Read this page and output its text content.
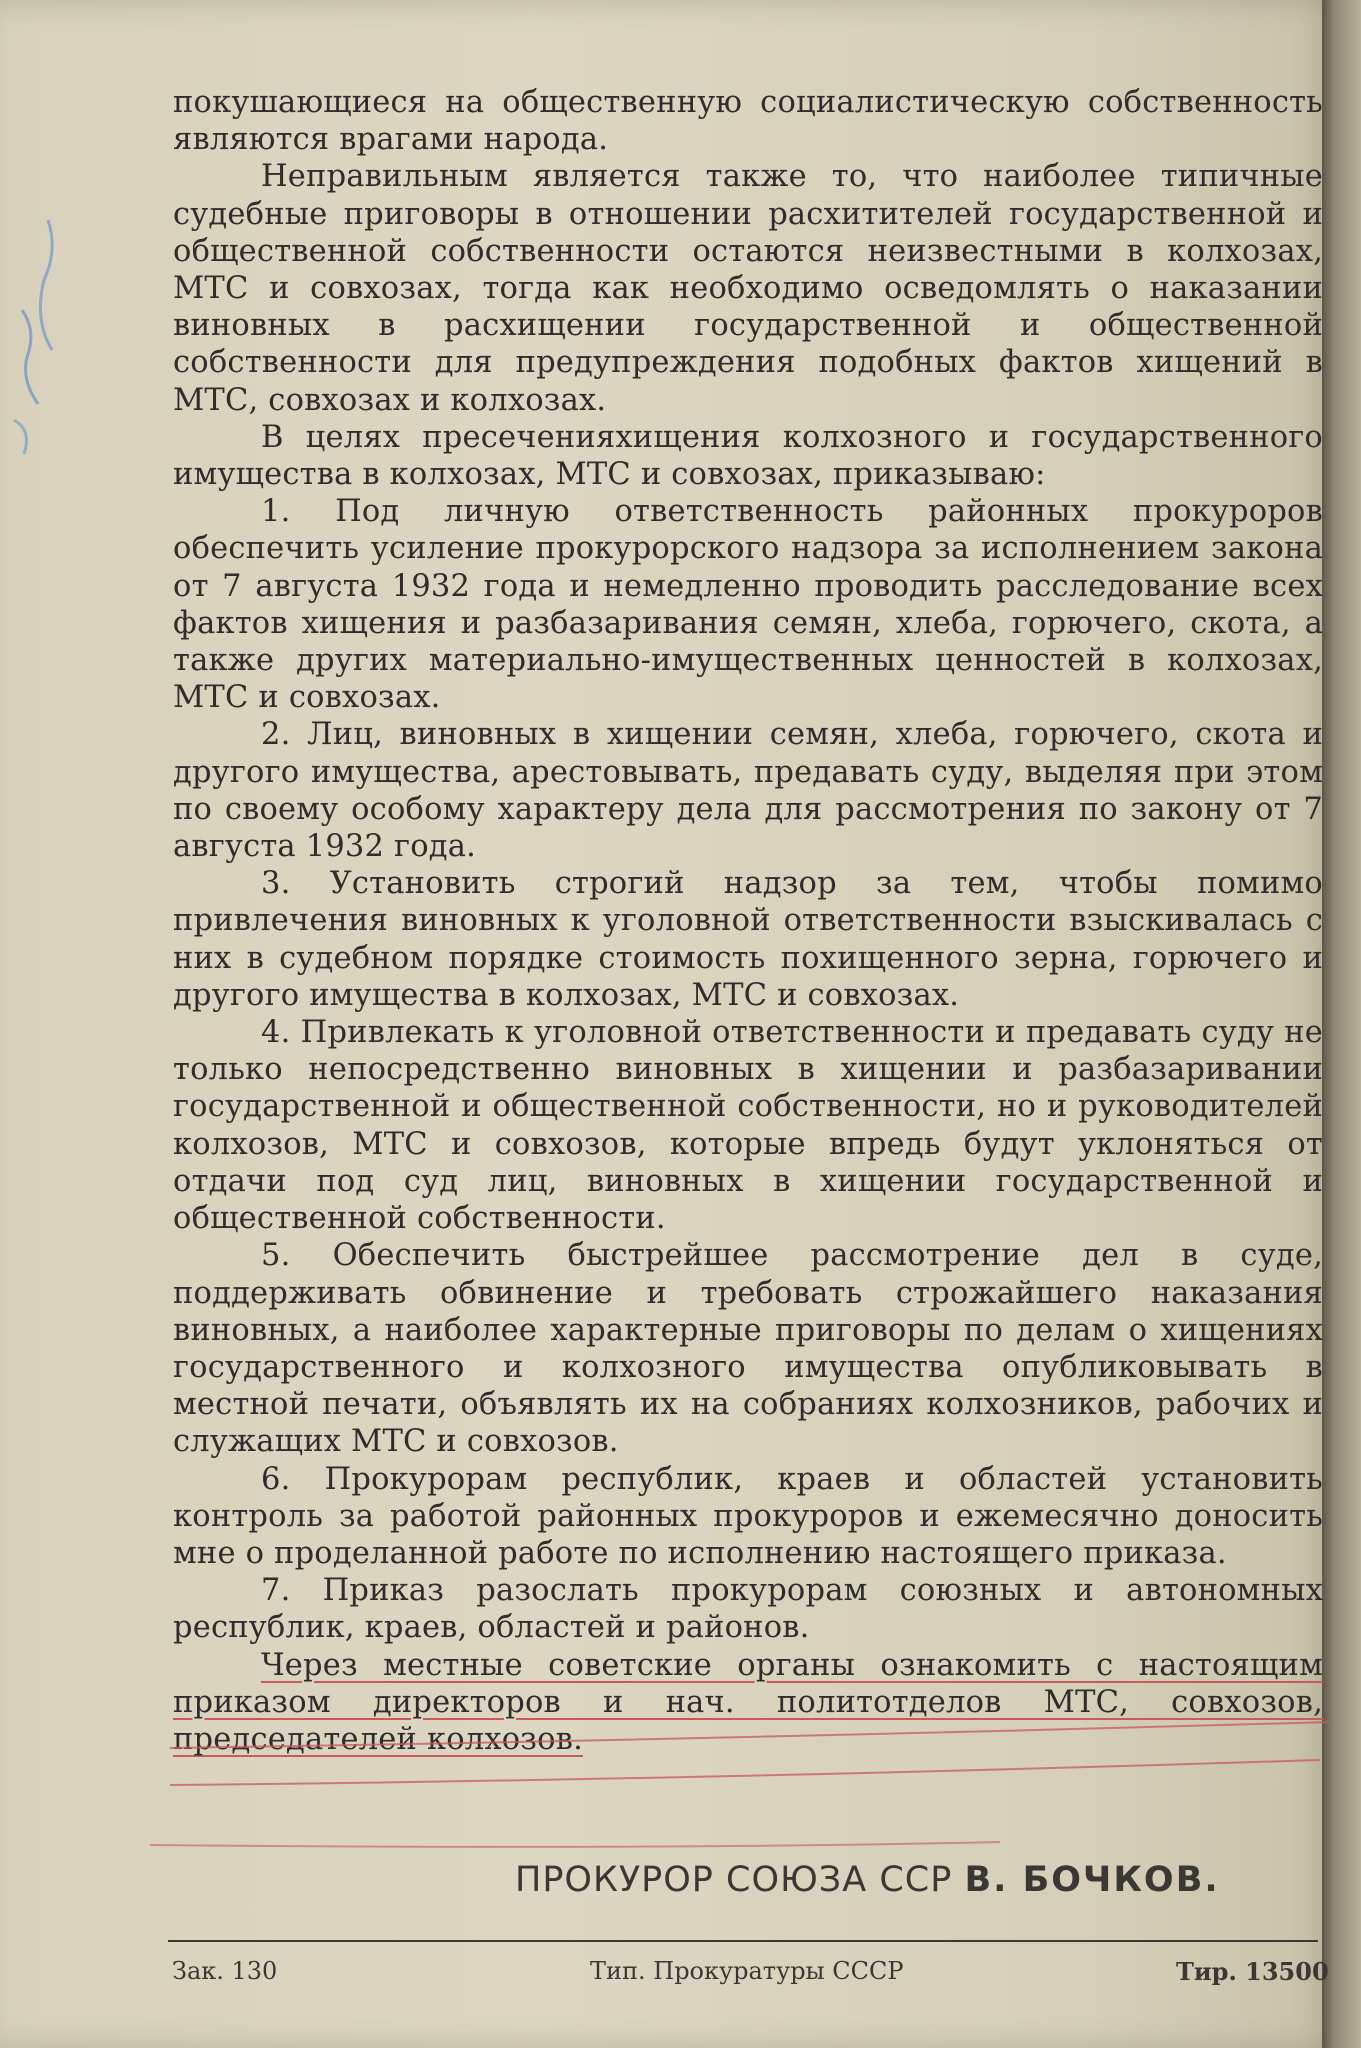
покушающиеся на общественную социалистическую собственность являются врагами народа.

Неправильным является также то, что наиболее типичные судебные приговоры в отношении расхитителей государственной и общественной собственности остаются неизвестными в колхозах, МТС и совхозах, тогда как необходимо осведомлять о наказании виновных в расхищении государственной и общественной собственности для предупреждения подобных фактов хищений в МТС, совхозах и колхозах.

В целях пресеченияхищения колхозного и государственного имущества в колхозах, МТС и совхозах, приказываю:

1. Под личную ответственность районных прокуроров обеспечить усиление прокурорского надзора за исполнением закона от 7 августа 1932 года и немедленно проводить расследование всех фактов хищения и разбазаривания семян, хлеба, горючего, скота, а также других материально-имущественных ценностей в колхозах, МТС и совхозах.

2. Лиц, виновных в хищении семян, хлеба, горючего, скота и другого имущества, арестовывать, предавать суду, выделяя при этом по своему особому характеру дела для рассмотрения по закону от 7 августа 1932 года.

3. Установить строгий надзор за тем, чтобы помимо привлечения виновных к уголовной ответственности взыскивалась с них в судебном порядке стоимость похищенного зерна, горючего и другого имущества в колхозах, МТС и совхозах.

4. Привлекать к уголовной ответственности и предавать суду не только непосредственно виновных в хищении и разбазаривании государственной и общественной собственности, но и руководителей колхозов, МТС и совхозов, которые впредь будут уклоняться от отдачи под суд лиц, виновных в хищении государственной и общественной собственности.

5. Обеспечить быстрейшее рассмотрение дел в суде, поддерживать обвинение и требовать строжайшего наказания виновных, а наиболее характерные приговоры по делам о хищениях государственного и колхозного имущества опубликовывать в местной печати, объявлять их на собраниях колхозников, рабочих и служащих МТС и совхозов.

6. Прокурорам республик, краев и областей установить контроль за работой районных прокуроров и ежемесячно доносить мне о проделанной работе по исполнению настоящего приказа.

7. Приказ разослать прокурорам союзных и автономных республик, краев, областей и районов.

Через местные советские органы ознакомить с настоящим приказом директоров и нач. политотделов МТС, совхозов, председателей колхозов.

ПРОКУРОР СОЮЗА ССР В. БОЧКОВ.
Зак. 130	Тип. Прокуратуры СССР	Тир. 13500
